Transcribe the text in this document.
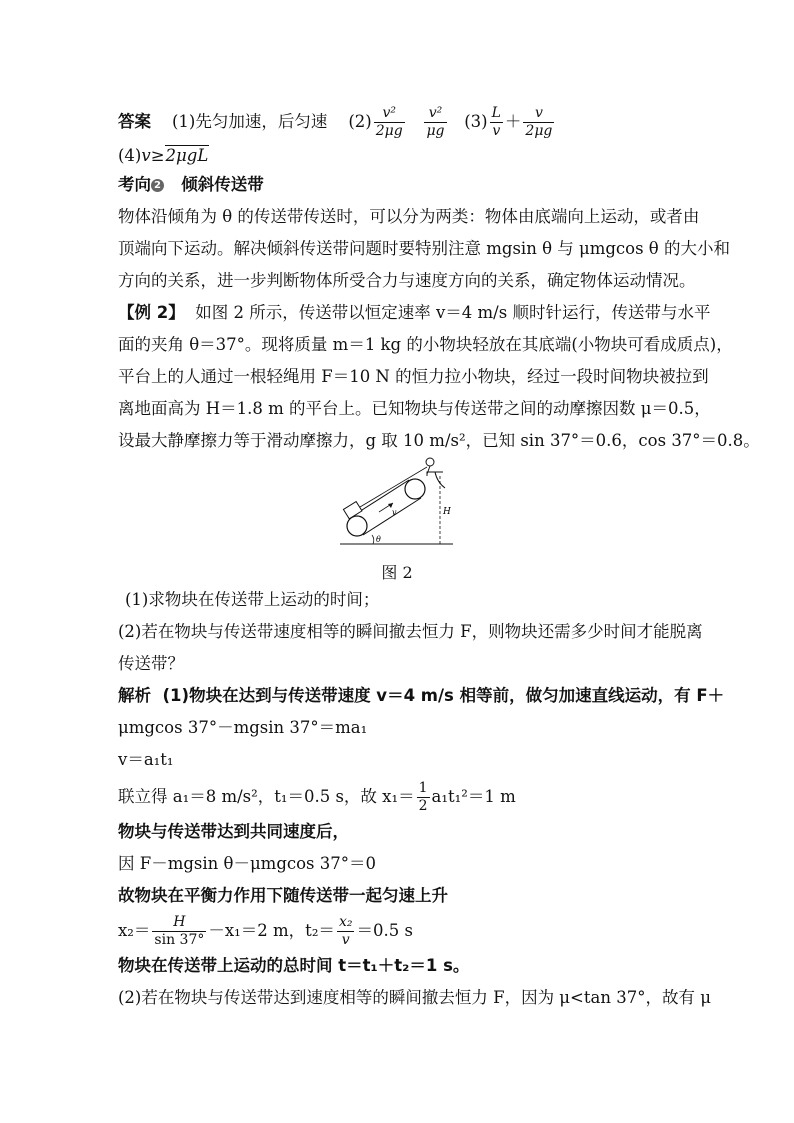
答案 (1)先匀加速，后匀速 $(2) \frac{\text{v²}}{2\mu g}$
$\frac{\text{v²}}{\mu g} (3) \frac{L}{v} + \frac{v}{2\mu g}$
(4)v≥2μgL
考向 2 倾斜传送带
物体沿倾角为 θ 的传送带传送时，可以分为两类：物体由底端向上运动，或者由
顶端向下运动。解决倾斜传送带问题时要特别注意 mgsin θ 与 μmgcos θ 的大小和
方向的关系，进一步判断物体所受合力与速度方向的关系，确定物体运动情况。
【例 2】 如图 2 所示，传送带以恒定速率 v＝4 m/s 顺时针运行，传送带与水平
面的夹角 θ＝37°。现将质量 m＝1 kg 的小物块轻放在其底端(小物块可看成质点)，
平台上的人通过一根轻绳用 F＝10 N 的恒力拉小物块，经过一段时间物块被拉到
离地面高为 H＝1.8 m 的平台上。已知物块与传送带之间的动摩擦因数 μ＝0.5，
设最大静摩擦力等于滑动摩擦力，g 取 10 m/s²，已知 sin 37°＝0.6，cos 37°＝0.8。
v	H
θ
图 2
(1)求物块在传送带上运动的时间；
(2)若在物块与传送带速度相等的瞬间撤去恒力 F，则物块还需多少时间才能脱离
传送带？
解析 (1)物块在达到与传送带速度 v＝4 m/s 相等前，做匀加速直线运动，有 F＋
μmgcos 37°－mgsin 37°＝ma₁
v＝a₁t₁
联立得 a₁＝8 m/s²，t₁＝0.5 s，故 $x_1= \frac{1}{2} a_1t_1^2=1$ m
物块与传送带达到共同速度后，
因 F－mgsin θ－μmgcos 37°＝0
故物块在平衡力作用下随传送带一起匀速上升
$x_2= \frac{H}{\sin 37^\circ} -x_1=2$ m，$t_2= \frac{\text{x₂}}{v} =0.5$ s
物块在传送带上运动的总时间 t＝t₁＋t₂＝1 s。
(2)若在物块与传送带达到速度相等的瞬间撤去恒力 F，因为 μ<tan 37°，故有 μ
